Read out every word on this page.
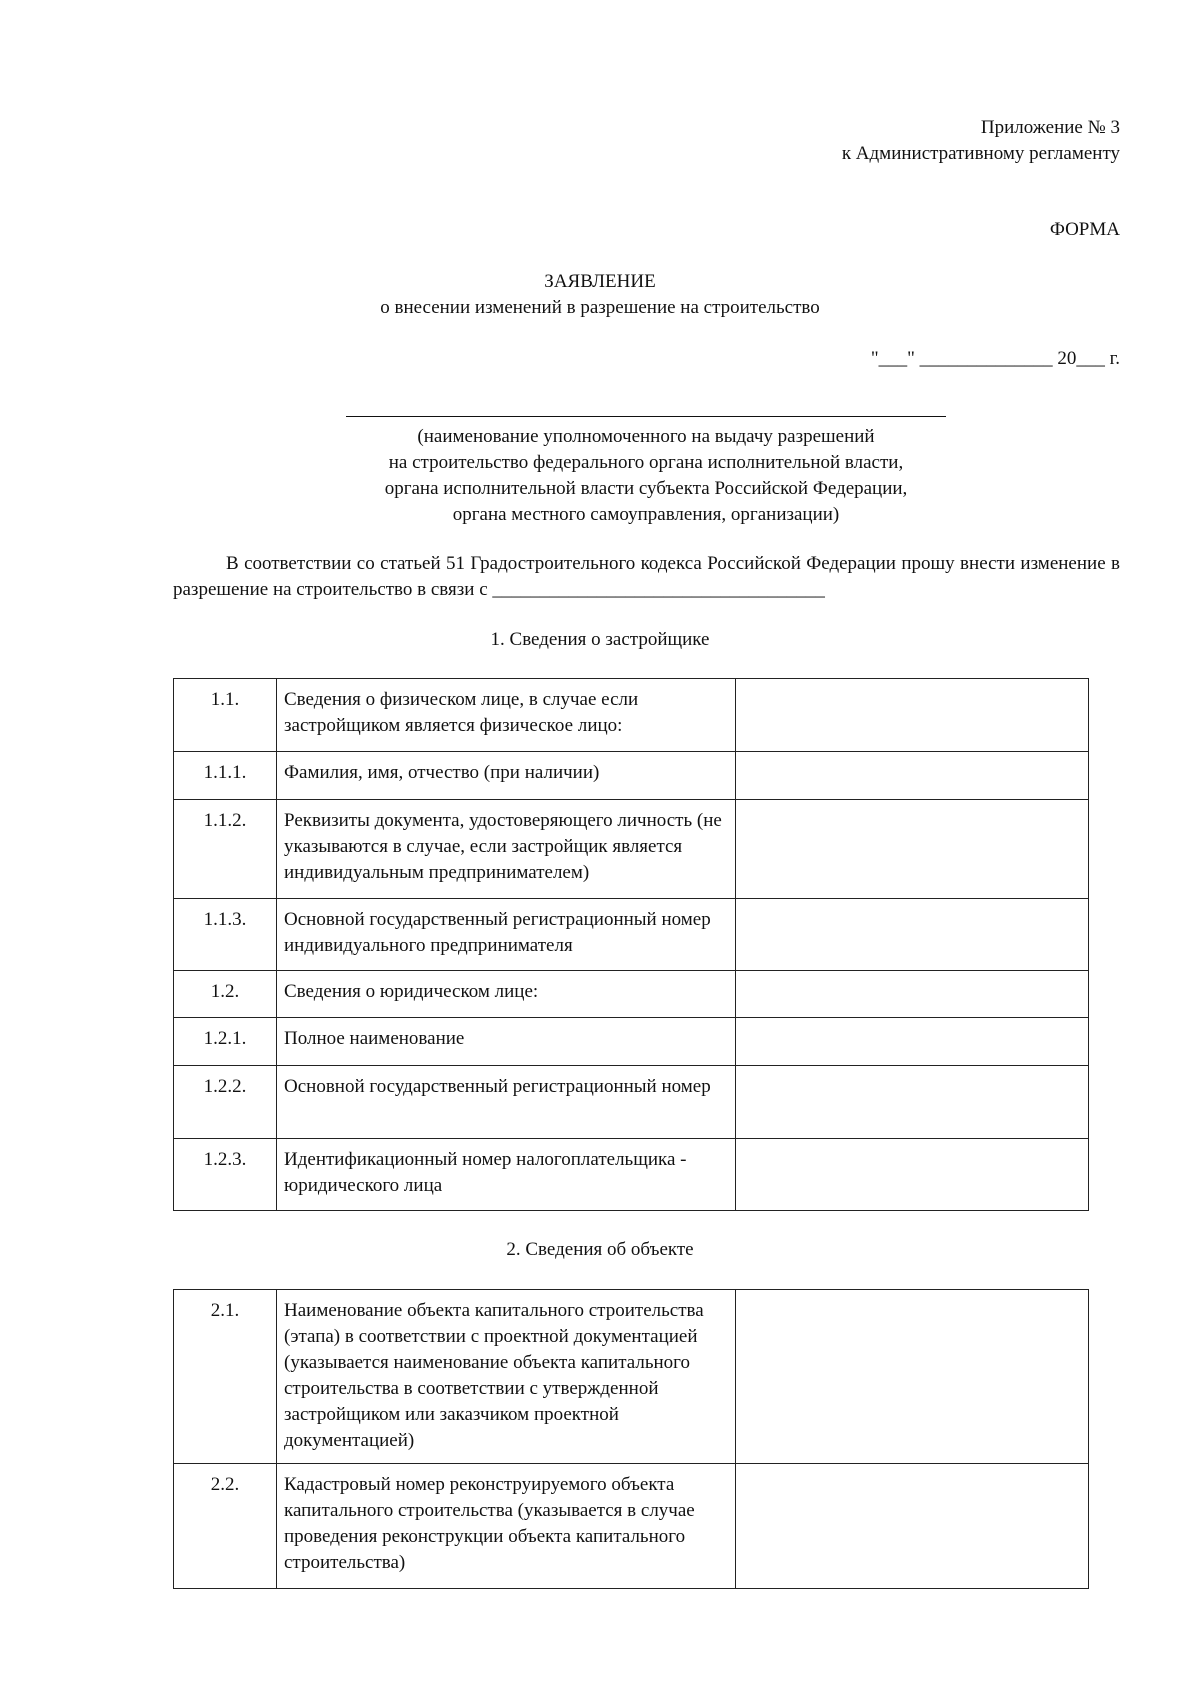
Приложение № 3
к Административному регламенту
ФОРМА
ЗАЯВЛЕНИЕ
о внесении изменений в разрешение на строительство
"___" ______________ 20___ г.
(наименование уполномоченного на выдачу разрешений
на строительство федерального органа исполнительной власти,
органа исполнительной власти субъекта Российской Федерации,
органа местного самоуправления, организации)
В соответствии со статьей 51 Градостроительного кодекса Российской Федерации прошу внести изменение в разрешение на строительство в связи с ___________________________________
1. Сведения о застройщике
1.1.	Сведения о физическом лице, в случае если застройщиком является физическое лицо:	
1.1.1.	Фамилия, имя, отчество (при наличии)	
1.1.2.	Реквизиты документа, удостоверяющего личность (не указываются в случае, если застройщик является индивидуальным предпринимателем)	
1.1.3.	Основной государственный регистрационный номер индивидуального предпринимателя	
1.2.	Сведения о юридическом лице:	
1.2.1.	Полное наименование	
1.2.2.	Основной государственный регистрационный номер	
1.2.3.	Идентификационный номер налогоплательщика - юридического лица	
2. Сведения об объекте
2.1.	Наименование объекта капитального строительства (этапа) в соответствии с проектной документацией (указывается наименование объекта капитального строительства в соответствии с утвержденной застройщиком или заказчиком проектной документацией)	
2.2.	Кадастровый номер реконструируемого объекта капитального строительства (указывается в случае проведения реконструкции объекта капитального строительства)	
